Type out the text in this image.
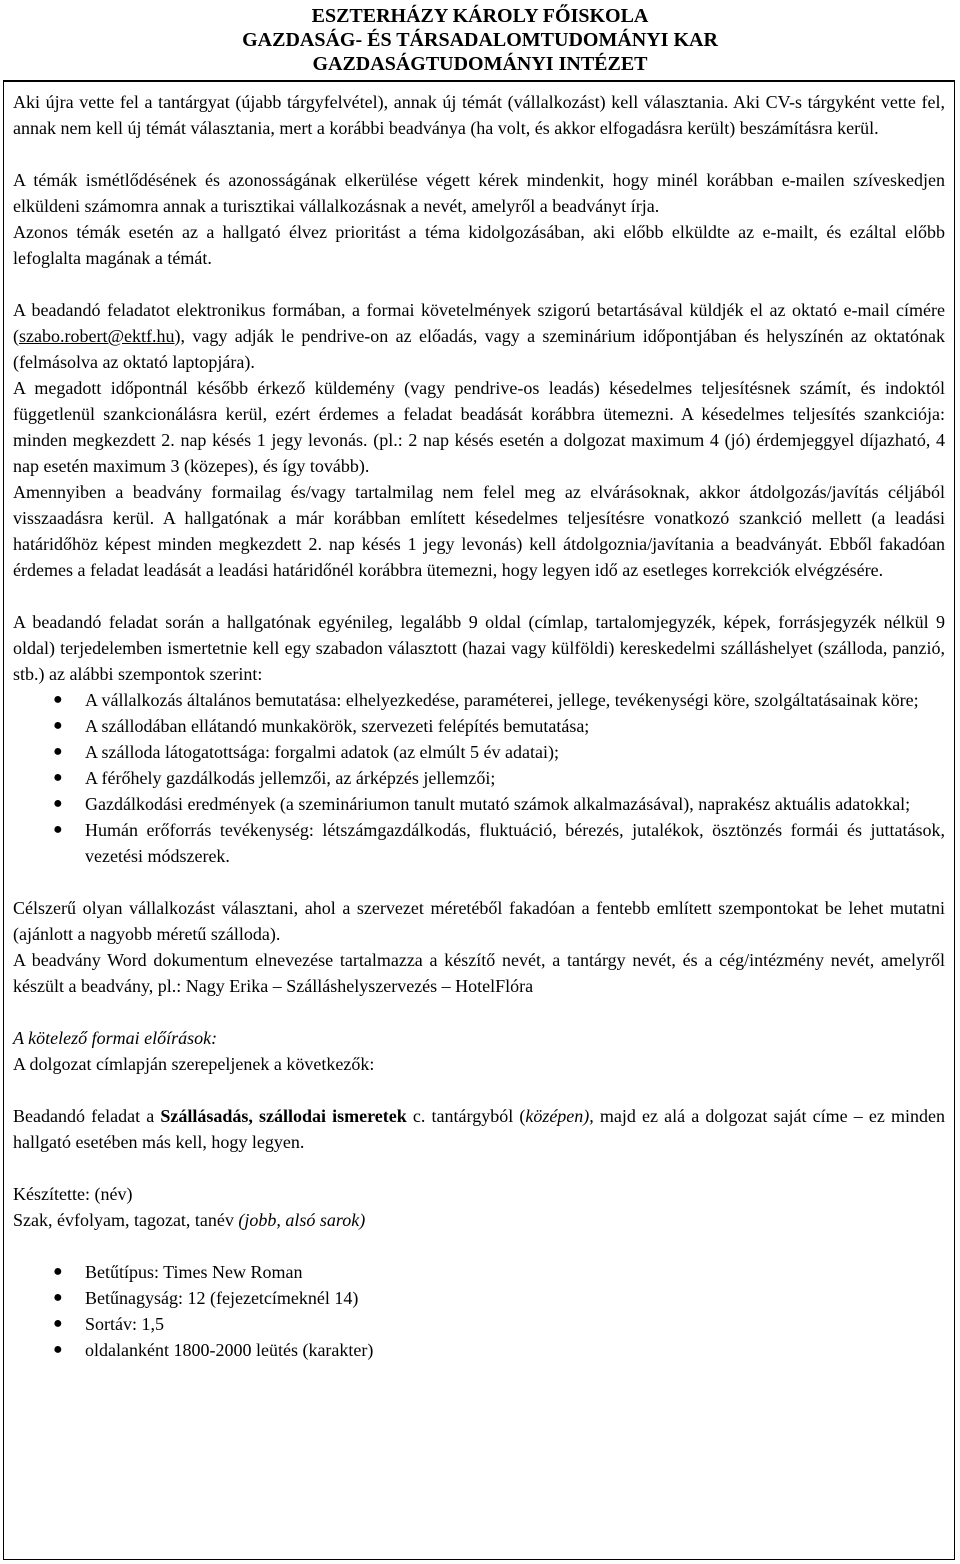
ESZTERHÁZY KÁROLY FŐISKOLA
GAZDASÁG- ÉS TÁRSADALOMTUDOMÁNYI KAR
GAZDASÁGTUDOMÁNYI INTÉZET

Aki újra vette fel a tantárgyat (újabb tárgyfelvétel), annak új témát (vállalkozást) kell választania. Aki CV-s tárgyként vette fel, annak nem kell új témát választania, mert a korábbi beadványa (ha volt, és akkor elfogadásra került) beszámításra kerül.

A témák ismétlődésének és azonosságának elkerülése végett kérek mindenkit, hogy minél korábban e-mailen szíveskedjen elküldeni számomra annak a turisztikai vállalkozásnak a nevét, amelyről a beadványt írja.

Azonos témák esetén az a hallgató élvez prioritást a téma kidolgozásában, aki előbb elküldte az e-mailt, és ezáltal előbb lefoglalta magának a témát.

A beadandó feladatot elektronikus formában, a formai követelmények szigorú betartásával küldjék el az oktató e-mail címére (szabo.robert@ektf.hu), vagy adják le pendrive-on az előadás, vagy a szeminárium időpontjában és helyszínén az oktatónak (felmásolva az oktató laptopjára).

A megadott időpontnál később érkező küldemény (vagy pendrive-os leadás) késedelmes teljesítésnek számít, és indoktól függetlenül szankcionálásra kerül, ezért érdemes a feladat beadását korábbra ütemezni. A késedelmes teljesítés szankciója: minden megkezdett 2. nap késés 1 jegy levonás. (pl.: 2 nap késés esetén a dolgozat maximum 4 (jó) érdemjeggyel díjazható, 4 nap esetén maximum 3 (közepes), és így tovább).

Amennyiben a beadvány formailag és/vagy tartalmilag nem felel meg az elvárásoknak, akkor átdolgozás/javítás céljából visszaadásra kerül. A hallgatónak a már korábban említett késedelmes teljesítésre vonatkozó szankció mellett (a leadási határidőhöz képest minden megkezdett 2. nap késés 1 jegy levonás) kell átdolgoznia/javítania a beadványát. Ebből fakadóan érdemes a feladat leadását a leadási határidőnél korábbra ütemezni, hogy legyen idő az esetleges korrekciók elvégzésére.

A beadandó feladat során a hallgatónak egyénileg, legalább 9 oldal (címlap, tartalomjegyzék, képek, forrásjegyzék nélkül 9 oldal) terjedelemben ismertetnie kell egy szabadon választott (hazai vagy külföldi) kereskedelmi szálláshelyet (szálloda, panzió, stb.) az alábbi szempontok szerint:

● A vállalkozás általános bemutatása: elhelyezkedése, paraméterei, jellege, tevékenységi köre, szolgáltatásainak köre;
● A szállodában ellátandó munkakörök, szervezeti felépítés bemutatása;
● A szálloda látogatottsága: forgalmi adatok (az elmúlt 5 év adatai);
● A férőhely gazdálkodás jellemzői, az árképzés jellemzői;
● Gazdálkodási eredmények (a szemináriumon tanult mutató számok alkalmazásával), naprakész aktuális adatokkal;
● Humán erőforrás tevékenység: létszámgazdálkodás, fluktuáció, bérezés, jutalékok, ösztönzés formái és juttatások, vezetési módszerek.

Célszerű olyan vállalkozást választani, ahol a szervezet méretéből fakadóan a fentebb említett szempontokat be lehet mutatni (ajánlott a nagyobb méretű szálloda).

A beadvány Word dokumentum elnevezése tartalmazza a készítő nevét, a tantárgy nevét, és a cég/intézmény nevét, amelyről készült a beadvány, pl.: Nagy Erika – Szálláshelyszervezés – HotelFlóra

A kötelező formai előírások:

A dolgozat címlapján szerepeljenek a következők:

Beadandó feladat a Szállásadás, szállodai ismeretek c. tantárgyból (középen), majd ez alá a dolgozat saját címe – ez minden hallgató esetében más kell, hogy legyen.

Készítette: (név)

Szak, évfolyam, tagozat, tanév (jobb, alsó sarok)

● Betűtípus: Times New Roman
● Betűnagyság: 12 (fejezetcímeknél 14)
● Sortáv: 1,5
● oldalanként 1800-2000 leütés (karakter)
